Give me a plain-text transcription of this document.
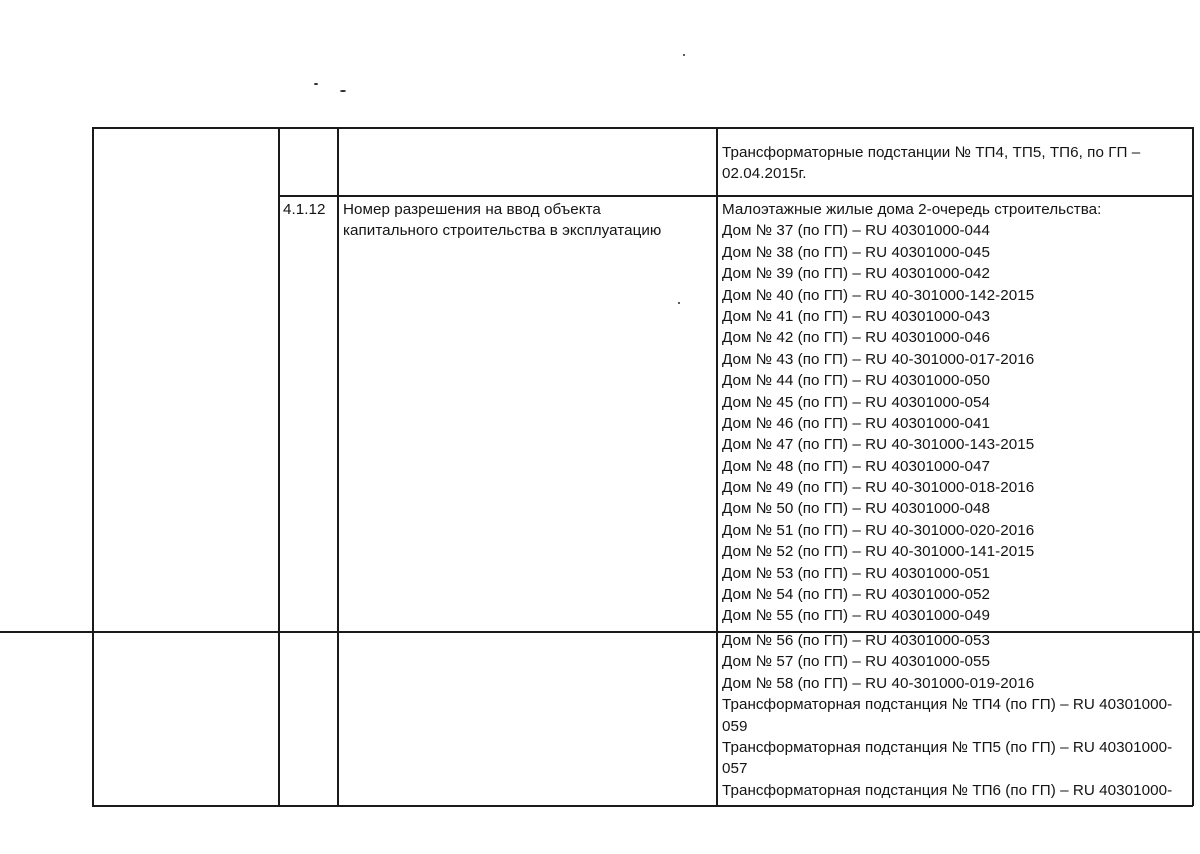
Трансформаторные подстанции № ТП4, ТП5, ТП6, по ГП –
02.04.2015г.
4.1.12 Номер разрешения на ввод объекта
капитального строительства в эксплуатацию
Малоэтажные жилые дома 2-очередь строительства:
Дом № 37 (по ГП) – RU 40301000-044
Дом № 38 (по ГП) – RU 40301000-045
Дом № 39 (по ГП) – RU 40301000-042
Дом № 40 (по ГП) – RU 40-301000-142-2015
Дом № 41 (по ГП) – RU 40301000-043
Дом № 42 (по ГП) – RU 40301000-046
Дом № 43 (по ГП) – RU 40-301000-017-2016
Дом № 44 (по ГП) – RU 40301000-050
Дом № 45 (по ГП) – RU 40301000-054
Дом № 46 (по ГП) – RU 40301000-041
Дом № 47 (по ГП) – RU 40-301000-143-2015
Дом № 48 (по ГП) – RU 40301000-047
Дом № 49 (по ГП) – RU 40-301000-018-2016
Дом № 50 (по ГП) – RU 40301000-048
Дом № 51 (по ГП) – RU 40-301000-020-2016
Дом № 52 (по ГП) – RU 40-301000-141-2015
Дом № 53 (по ГП) – RU 40301000-051
Дом № 54 (по ГП) – RU 40301000-052
Дом № 55 (по ГП) – RU 40301000-049
Дом № 56 (по ГП) – RU 40301000-053
Дом № 57 (по ГП) – RU 40301000-055
Дом № 58 (по ГП) – RU 40-301000-019-2016
Трансформаторная подстанция № ТП4 (по ГП) – RU 40301000-
059
Трансформаторная подстанция № ТП5 (по ГП) – RU 40301000-
057
Трансформаторная подстанция № ТП6 (по ГП) – RU 40301000-
